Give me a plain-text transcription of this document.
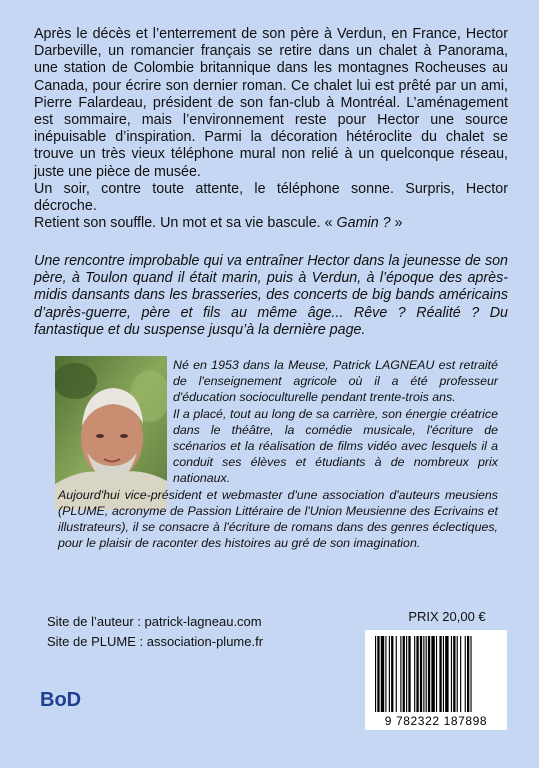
Après le décès et l’enterrement de son père à Verdun, en France, Hector Darbeville, un romancier français se retire dans un chalet à Panorama, une station de Colombie britannique dans les montagnes Rocheuses au Canada, pour écrire son dernier roman. Ce chalet lui est prêté par un ami, Pierre Falardeau, président de son fan-club à Montréal. L’aménagement est sommaire, mais l’environnement reste pour Hector une source inépuisable d’inspiration. Parmi la décoration hétéroclite du chalet se trouve un très vieux téléphone mural non relié à un quelconque réseau, juste une pièce de musée.

Un soir, contre toute attente, le téléphone sonne. Surpris, Hector décroche.

Retient son souffle. Un mot et sa vie bascule. « Gamin ? »

Une rencontre improbable qui va entraîner Hector dans la jeunesse de son père, à Toulon quand il était marin, puis à Verdun, à l’époque des après-midis dansants dans les brasseries, des concerts de big bands américains d’après-guerre, père et fils au même âge... Rêve ? Réalité ? Du fantastique et du suspense jusqu’à la dernière page.

Né en 1953 dans la Meuse, Patrick LAGNEAU est retraité de l'enseignement agricole où il a été professeur d'éducation socioculturelle pendant trente-trois ans.

Il a placé, tout au long de sa carrière, son énergie créatrice dans le théâtre, la comédie musicale, l'écriture de scénarios et la réalisation de films vidéo avec lesquels il a conduit ses élèves et étudiants à de nombreux prix nationaux.

Aujourd'hui vice-président et webmaster d'une association d'auteurs meusiens (PLUME, acronyme de Passion Littéraire de l'Union Meusienne des Ecrivains et illustrateurs), il se consacre à l'écriture de romans dans des genres éclectiques, pour le plaisir de raconter des histoires au gré de son imagination.

Site de l’auteur : patrick-lagneau.com
Site de PLUME : association-plume.fr
PRIX 20,00 €
9 782322 187898
BoD
